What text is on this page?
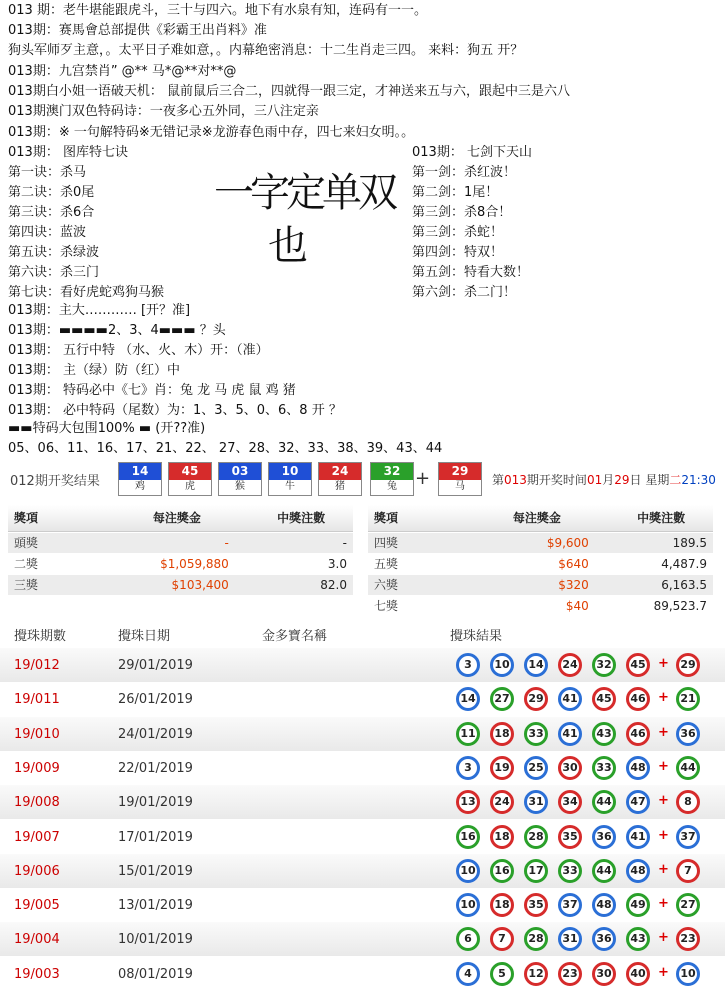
013 期：老牛堪能跟虎斗，三十与四六。地下有水泉有知，连码有一一。
013期：赛馬會总部提供《彩霸王出肖料》准
狗头军师歹主意，。太平日子难如意，。内幕绝密消息：十二生肖走三四。 来料：狗五 开？
013期：九宫禁肖” @** 马*@**对**@
013期白小姐一语破天机： 鼠前鼠后三合二，四就得一跟三定，才神送来五与六，跟起中三是六八
013期澳门双色特码诗：一夜多心五外同，三八注定亲
013期：※ 一句解特码※无错记录※龙游春色雨中存，四七来妇女明。。
013期： 图库特七诀
第一诀：杀马
第二诀：杀0尾
第三诀：杀6合
第四诀：蓝波
第五诀：杀绿波
第六诀：杀三门
第七诀：看好虎蛇鸡狗马猴
013期： 七剑下天山
第一剑：杀红波！
第二剑：1尾！
第三剑：杀8合！
第三剑：杀蛇！
第四剑：特双！
第五剑：特看大数！
第六剑：杀二门！
一字定单双
也
013期：主大………… [开？准]
013期：▬▬▬▬2、3、4▬▬▬ ？头
013期： 五行中特 （水、火、木）开：（准）
013期： 主（绿）防（红）中
013期： 特码必中《七》肖：兔 龙 马 虎 鼠 鸡 猪
013期： 必中特码（尾数）为：1、3、5、0、6、8 开 ？
▬▬特码大包围100% ▬ (开??准)
05、06、11、16、17、21、22、 27、28、32、33、38、39、43、44
012期开奖结果
14
鸡
45
虎
03
猴
10
牛
24
猪
32
兔
29
马
+	第013期开奖时间01月29日 星期二21:30
獎項	每注獎金	中獎注數
頭獎	-	-
二獎	$1,059,880	3.0
三獎	$103,400	82.0
獎項	每注獎金	中獎注數
四獎	$9,600	189.5
五獎	$640	4,487.9
六獎	$320	6,163.5
七獎	$40	89,523.7
攪珠期數	攪珠日期	金多寶名稱	攪珠結果
19/012	29/01/2019	3	10	14	24	32	45 +	29
19/011	26/01/2019	14	27	29	41	45	46 +	21
19/010	24/01/2019	11	18	33	41	43	46 +	36
19/009	22/01/2019	3	19	25	30	33	48 +	44
19/008	19/01/2019	13	24	31	34	44	47 +	8
19/007	17/01/2019	16	18	28	35	36	41 +	37
19/006	15/01/2019	10	16	17	33	44	48 +	7
19/005	13/01/2019	10	18	35	37	48	49 +	27
19/004	10/01/2019	6	7	28	31	36	43 +	23
19/003	08/01/2019	4	5	12	23	30	40 +	10
